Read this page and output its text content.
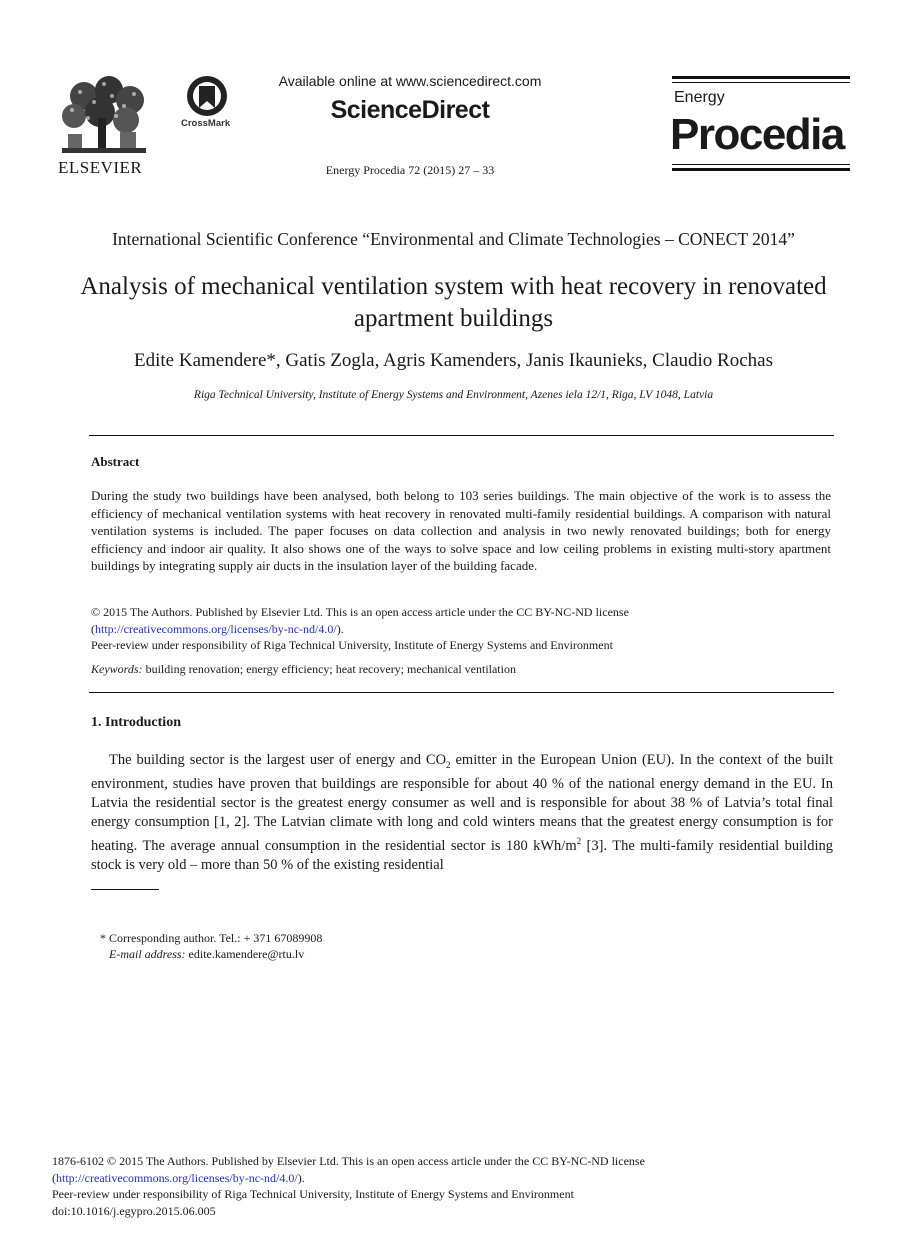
ELSEVIER
CrossMark
Available online at www.sciencedirect.com
ScienceDirect
Energy Procedia 72 (2015) 27 – 33
Energy
Procedia
International Scientific Conference “Environmental and Climate Technologies – CONECT 2014”
Analysis of mechanical ventilation system with heat recovery in renovated apartment buildings
Edite Kamendere*, Gatis Zogla, Agris Kamenders, Janis Ikaunieks, Claudio Rochas
Riga Technical University, Institute of Energy Systems and Environment, Azenes iela 12/1, Riga, LV 1048, Latvia
Abstract
During the study two buildings have been analysed, both belong to 103 series buildings. The main objective of the work is to assess the efficiency of mechanical ventilation systems with heat recovery in renovated multi-family residential buildings. A comparison with natural ventilation systems is included. The paper focuses on data collection and analysis in two newly renovated buildings; both for energy efficiency and indoor air quality. It also shows one of the ways to solve space and low ceiling problems in existing multi-story apartment buildings by integrating supply air ducts in the insulation layer of the building facade.
© 2015 The Authors. Published by Elsevier Ltd. This is an open access article under the CC BY-NC-ND license
(http://creativecommons.org/licenses/by-nc-nd/4.0/).
Peer-review under responsibility of Riga Technical University, Institute of Energy Systems and Environment
Keywords: building renovation; energy efficiency; heat recovery; mechanical ventilation
1. Introduction

The building sector is the largest user of energy and $CO_2$ emitter in the European Union (EU). In the context of the built environment, studies have proven that buildings are responsible for about 40 % of the national energy demand in the EU. In Latvia the residential sector is the greatest energy consumer as well and is responsible for about 38 % of Latvia’s total final energy consumption [1, 2]. The Latvian climate with long and cold winters means that the greatest energy consumption is for heating. The average annual consumption in the residential sector is 180 kWh/$m^2$ [3]. The multi-family residential building stock is very old – more than 50 % of the existing residential

* Corresponding author. Tel.: + 371 67089908
E-mail address: edite.kamendere@rtu.lv
1876-6102 © 2015 The Authors. Published by Elsevier Ltd. This is an open access article under the CC BY-NC-ND license
(http://creativecommons.org/licenses/by-nc-nd/4.0/).
Peer-review under responsibility of Riga Technical University, Institute of Energy Systems and Environment
doi:10.1016/j.egypro.2015.06.005
